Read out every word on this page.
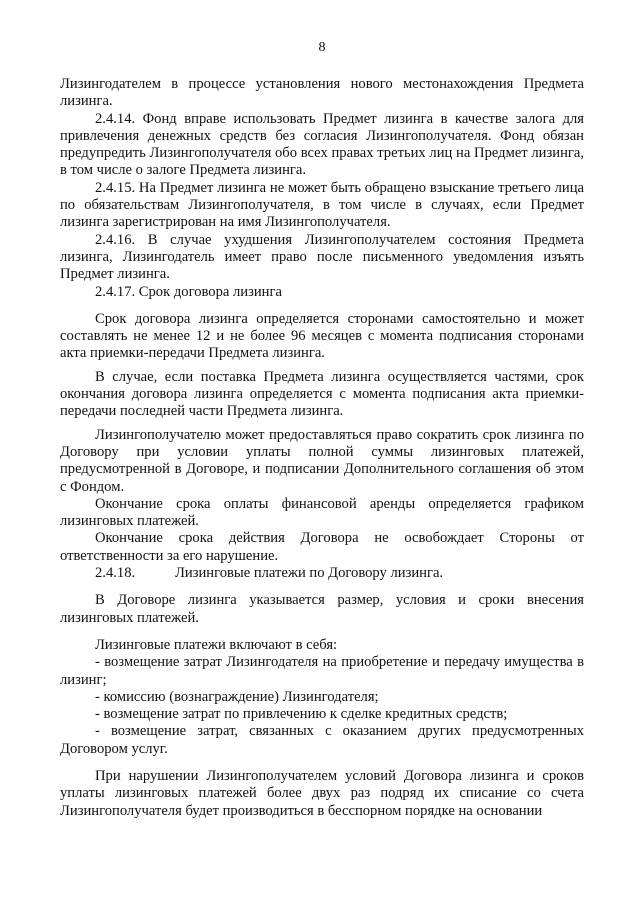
8

Лизингодателем в процессе установления нового местонахождения Предмета лизинга.

2.4.14. Фонд вправе использовать Предмет лизинга в качестве залога для привлечения денежных средств без согласия Лизингополучателя. Фонд обязан предупредить Лизингополучателя обо всех правах третьих лиц на Предмет лизинга, в том числе о залоге Предмета лизинга.

2.4.15. На Предмет лизинга не может быть обращено взыскание третьего лица по обязательствам Лизингополучателя, в том числе в случаях, если Предмет лизинга зарегистрирован на имя Лизингополучателя.

2.4.16. В случае ухудшения Лизингополучателем состояния Предмета лизинга, Лизингодатель имеет право после письменного уведомления изъять Предмет лизинга.

2.4.17. Срок договора лизинга

Срок договора лизинга определяется сторонами самостоятельно и может составлять не менее 12 и не более 96 месяцев с момента подписания сторонами акта приемки-передачи Предмета лизинга.

В случае, если поставка Предмета лизинга осуществляется частями, срок окончания договора лизинга определяется с момента подписания акта приемки-передачи последней части Предмета лизинга.

Лизингополучателю может предоставляться право сократить срок лизинга по Договору при условии уплаты полной суммы лизинговых платежей, предусмотренной в Договоре, и подписании Дополнительного соглашения об этом с Фондом.

Окончание срока оплаты финансовой аренды определяется графиком лизинговых платежей.

Окончание срока действия Договора не освобождает Стороны от ответственности за его нарушение.

2.4.18.	Лизинговые платежи по Договору лизинга.

В Договоре лизинга указывается размер, условия и сроки внесения лизинговых платежей.

Лизинговые платежи включают в себя:

- возмещение затрат Лизингодателя на приобретение и передачу имущества в лизинг;

- комиссию (вознаграждение) Лизингодателя;

- возмещение затрат по привлечению к сделке кредитных средств;

- возмещение затрат, связанных с оказанием других предусмотренных Договором услуг.

При нарушении Лизингополучателем условий Договора лизинга и сроков уплаты лизинговых платежей более двух раз подряд их списание со счета Лизингополучателя будет производиться в бесспорном порядке на основании
